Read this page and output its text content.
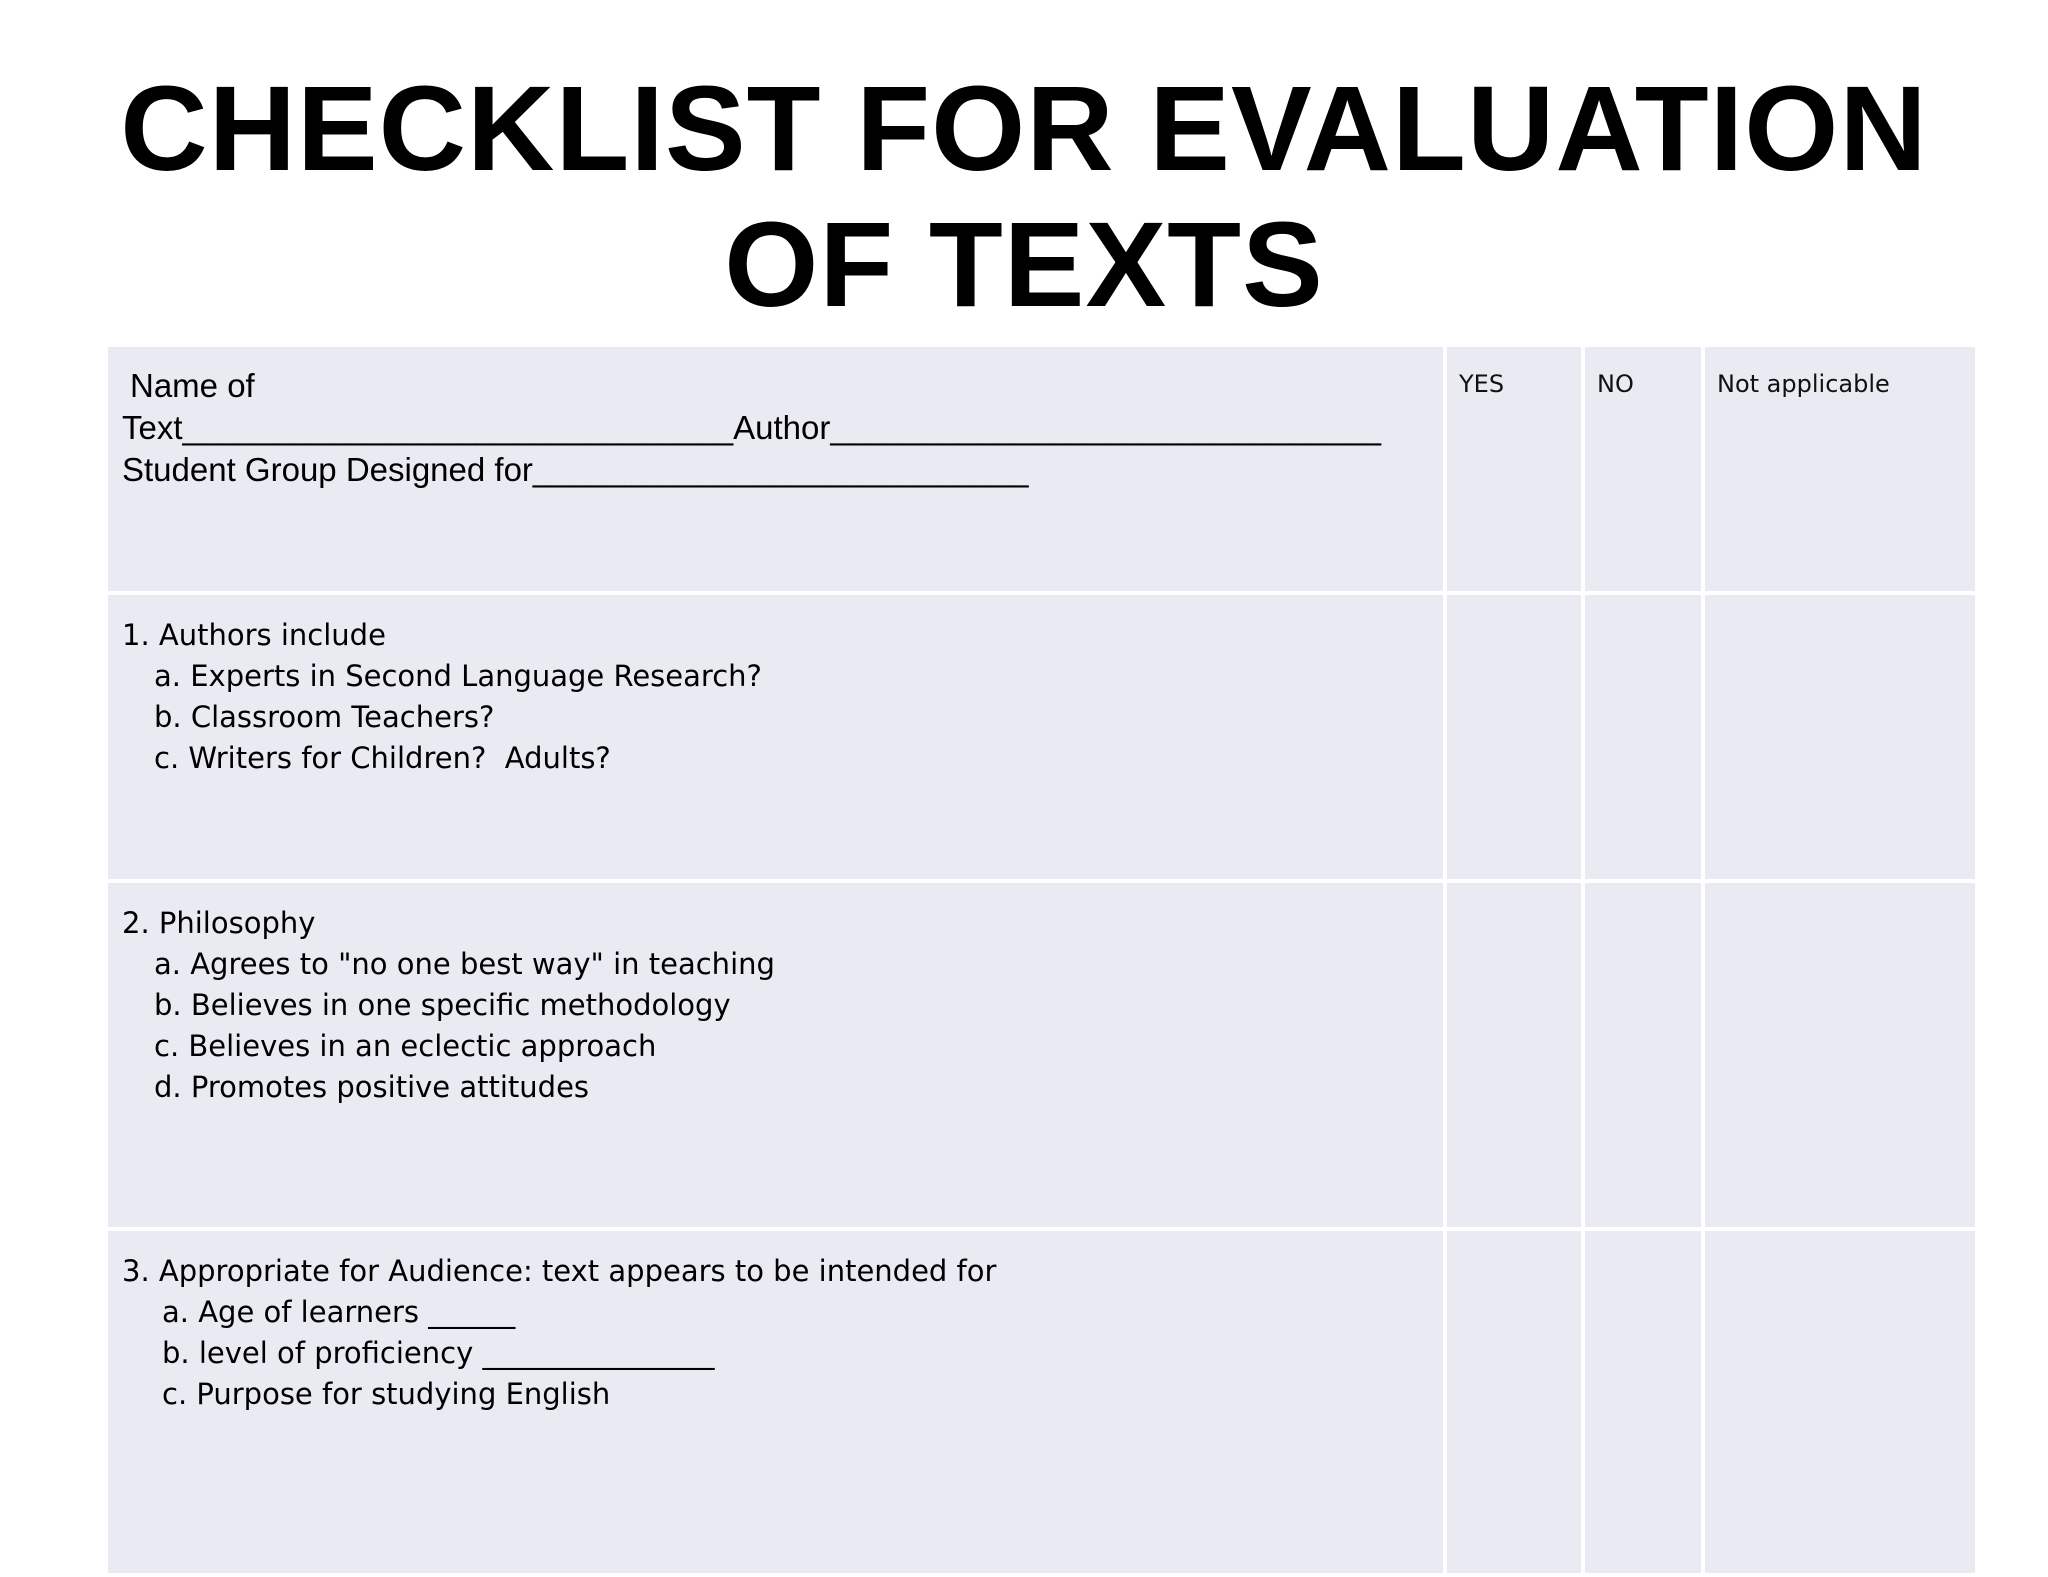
CHECKLIST FOR EVALUATION
OF TEXTS
Name of
Text______________________________Author______________________________
Student Group Designed for___________________________	YES	NO	Not applicable

1. Authors include
a. Experts in Second Language Research?
b. Classroom Teachers?
c. Writers for Children?  Adults?			

2. Philosophy
a. Agrees to "no one best way" in teaching
b. Believes in one specific methodology
c. Believes in an eclectic approach
d. Promotes positive attitudes			

3. Appropriate for Audience: text appears to be intended for
a. Age of learners ______
b. level of proficiency ________________
c. Purpose for studying English			
